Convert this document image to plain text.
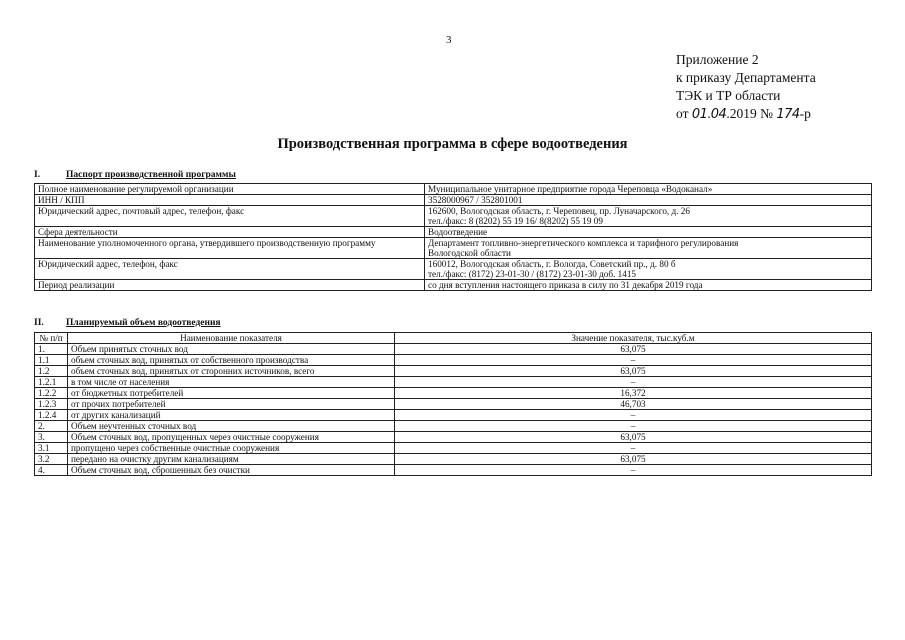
3
Приложение 2
к приказу Департамента
ТЭК и ТР области
от 01.04.2019 № 174-р
Производственная программа в сфере водоотведения
I.	Паспорт производственной программы
Полное наименование регулируемой организации	Муниципальное унитарное предприятие города Череповца «Водоканал»

ИНН / КПП	3528000967 / 352801001

Юридический адрес, почтовый адрес, телефон, факс	162600, Вологодская область, г. Череповец, пр. Луначарского, д. 26
тел./факс: 8 (8202) 55 19 16/ 8(8202) 55 19 09

Сфера деятельности	Водоотведение

Наименование уполномоченного органа, утвердившего производственную программу	Департамент топливно-энергетического комплекса и тарифного регулирования
Вологодской области

Юридический адрес, телефон, факс	160012, Вологодская область, г. Вологда, Советский пр., д. 80 б
тел./факс: (8172) 23-01-30 / (8172) 23-01-30 доб. 1415

Период реализации	со дня вступления настоящего приказа в силу по 31 декабря 2019 года
II. Планируемый объем водоотведения
№ п/п	Наименование показателя	Значение показателя, тыс.куб.м
1.	Объем принятых сточных вод	63,075
1.1	объем сточных вод, принятых от собственного производства	–
1.2	объем сточных вод, принятых от сторонних источников, всего	63,075
1.2.1	в том числе от населения	–
1.2.2	от бюджетных потребителей	16,372
1.2.3	от прочих потребителей	46,703
1.2.4	от других канализаций	–
2.	Объем неучтенных сточных вод	–
3.	Объем сточных вод, пропущенных через очистные сооружения	63,075
3.1	пропущено через собственные очистные сооружения	–
3.2	передано на очистку другим канализациям	63,075
4.	Объем сточных вод, сброшенных без очистки	–
